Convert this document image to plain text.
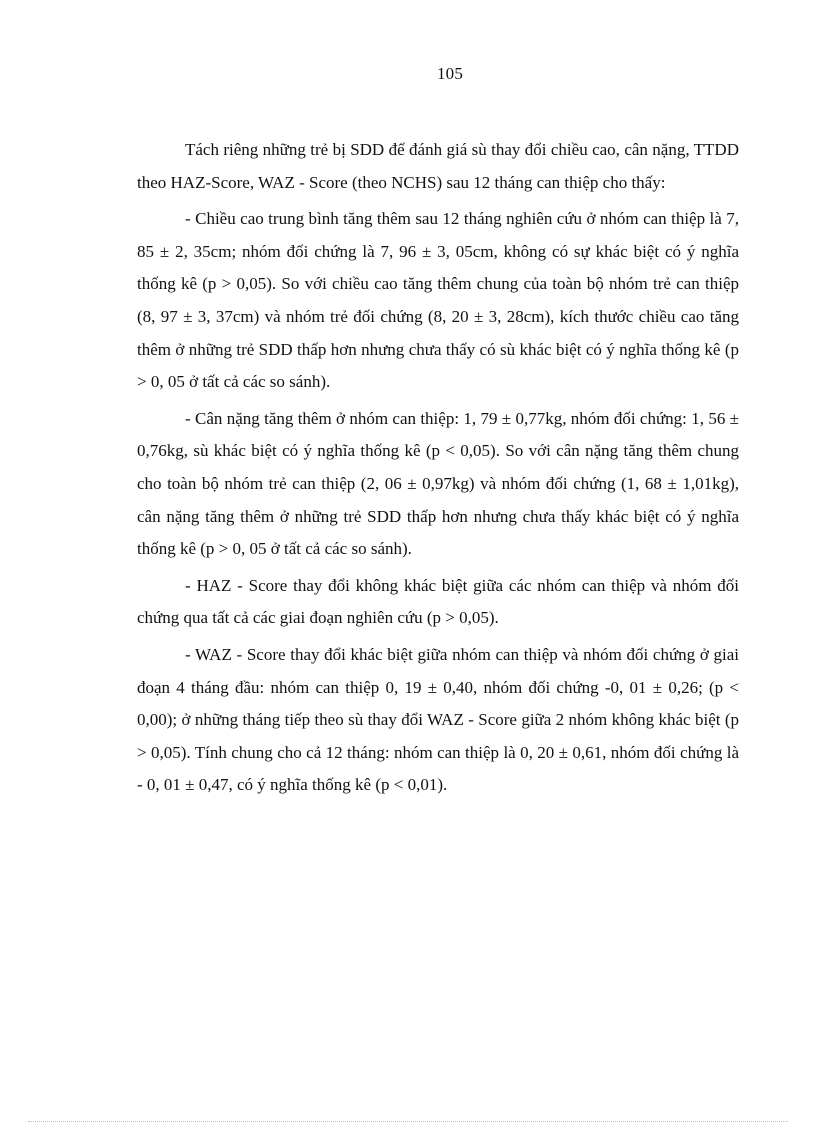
105

Tách riêng những trẻ bị SDD để đánh giá sù thay đổi chiều cao, cân nặng, TTDD theo HAZ-Score, WAZ - Score (theo NCHS) sau 12 tháng can thiệp cho thấy:

- Chiều cao trung bình tăng thêm sau 12 tháng nghiên cứu ở nhóm can thiệp là 7, 85 ± 2, 35cm; nhóm đối chứng là 7, 96 ± 3, 05cm, không có sự khác biệt có ý nghĩa thống kê (p > 0,05). So với chiều cao tăng thêm chung của toàn bộ nhóm trẻ can thiệp (8, 97 ± 3, 37cm) và nhóm trẻ đối chứng (8, 20 ± 3, 28cm), kích thước chiều cao tăng thêm ở những trẻ SDD thấp hơn nhưng chưa thấy có sù khác biệt có ý nghĩa thống kê (p > 0, 05 ở tất cả các so sánh).

- Cân nặng tăng thêm ở nhóm can thiệp: 1, 79 ± 0,77kg, nhóm đối chứng: 1, 56 ± 0,76kg, sù khác biệt có ý nghĩa thống kê (p < 0,05). So với cân nặng tăng thêm chung cho toàn bộ nhóm trẻ can thiệp (2, 06 ± 0,97kg) và nhóm đối chứng (1, 68 ± 1,01kg), cân nặng tăng thêm ở những trẻ SDD thấp hơn nhưng chưa thấy khác biệt có ý nghĩa thống kê (p > 0, 05 ở tất cả các so sánh).

- HAZ - Score thay đổi không khác biệt giữa các nhóm can thiệp và nhóm đối chứng qua tất cả các giai đoạn nghiên cứu (p > 0,05).

- WAZ - Score thay đổi khác biệt giữa nhóm can thiệp và nhóm đối chứng ở giai đoạn 4 tháng đầu: nhóm can thiệp 0, 19 ± 0,40, nhóm đối chứng -0, 01 ± 0,26; (p < 0,00); ở những tháng tiếp theo sù thay đổi WAZ - Score giữa 2 nhóm không khác biệt (p > 0,05). Tính chung cho cả 12 tháng: nhóm can thiệp là 0, 20 ± 0,61, nhóm đối chứng là - 0, 01 ± 0,47, có ý nghĩa thống kê (p < 0,01).
